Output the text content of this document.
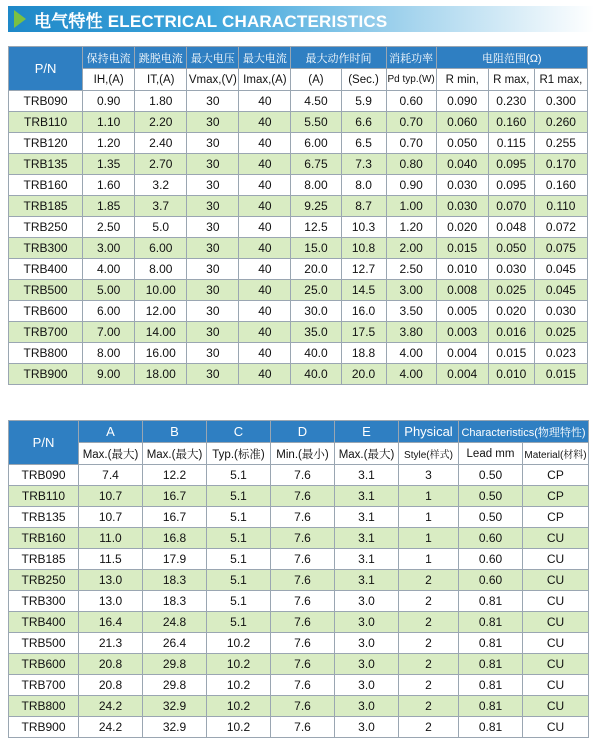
电气特性 ELECTRICAL CHARACTERISTICS
P/N	保持电流	跳脱电流	最大电压	最大电流	最大动作时间		消耗功率	电阻范围(Ω)		
	IH,(A)	IT,(A)	Vmax,(V)	Imax,(A)	(A)	(Sec.)	Pd typ.(W)	R min,	R max,	R1 max,
TRB090	0.90	1.80	30	40	4.50	5.9	0.60	0.090	0.230	0.300
TRB110	1.10	2.20	30	40	5.50	6.6	0.70	0.060	0.160	0.260
TRB120	1.20	2.40	30	40	6.00	6.5	0.70	0.050	0.115	0.255
TRB135	1.35	2.70	30	40	6.75	7.3	0.80	0.040	0.095	0.170
TRB160	1.60	3.2	30	40	8.00	8.0	0.90	0.030	0.095	0.160
TRB185	1.85	3.7	30	40	9.25	8.7	1.00	0.030	0.070	0.110
TRB250	2.50	5.0	30	40	12.5	10.3	1.20	0.020	0.048	0.072
TRB300	3.00	6.00	30	40	15.0	10.8	2.00	0.015	0.050	0.075
TRB400	4.00	8.00	30	40	20.0	12.7	2.50	0.010	0.030	0.045
TRB500	5.00	10.00	30	40	25.0	14.5	3.00	0.008	0.025	0.045
TRB600	6.00	12.00	30	40	30.0	16.0	3.50	0.005	0.020	0.030
TRB700	7.00	14.00	30	40	35.0	17.5	3.80	0.003	0.016	0.025
TRB800	8.00	16.00	30	40	40.0	18.8	4.00	0.004	0.015	0.023
TRB900	9.00	18.00	30	40	40.0	20.0	4.00	0.004	0.010	0.015
P/N	A	B	C	D	E	Physical	Characteristics(物理特性)	
	Max.(最大)	Max.(最大)	Typ.(标准)	Min.(最小)	Max.(最大)	Style(样式)	Lead mm	Material(材料)
TRB090	7.4	12.2	5.1	7.6	3.1	3	0.50	CP
TRB110	10.7	16.7	5.1	7.6	3.1	1	0.50	CP
TRB135	10.7	16.7	5.1	7.6	3.1	1	0.50	CP
TRB160	11.0	16.8	5.1	7.6	3.1	1	0.60	CU
TRB185	11.5	17.9	5.1	7.6	3.1	1	0.60	CU
TRB250	13.0	18.3	5.1	7.6	3.1	2	0.60	CU
TRB300	13.0	18.3	5.1	7.6	3.0	2	0.81	CU
TRB400	16.4	24.8	5.1	7.6	3.0	2	0.81	CU
TRB500	21.3	26.4	10.2	7.6	3.0	2	0.81	CU
TRB600	20.8	29.8	10.2	7.6	3.0	2	0.81	CU
TRB700	20.8	29.8	10.2	7.6	3.0	2	0.81	CU
TRB800	24.2	32.9	10.2	7.6	3.0	2	0.81	CU
TRB900	24.2	32.9	10.2	7.6	3.0	2	0.81	CU
